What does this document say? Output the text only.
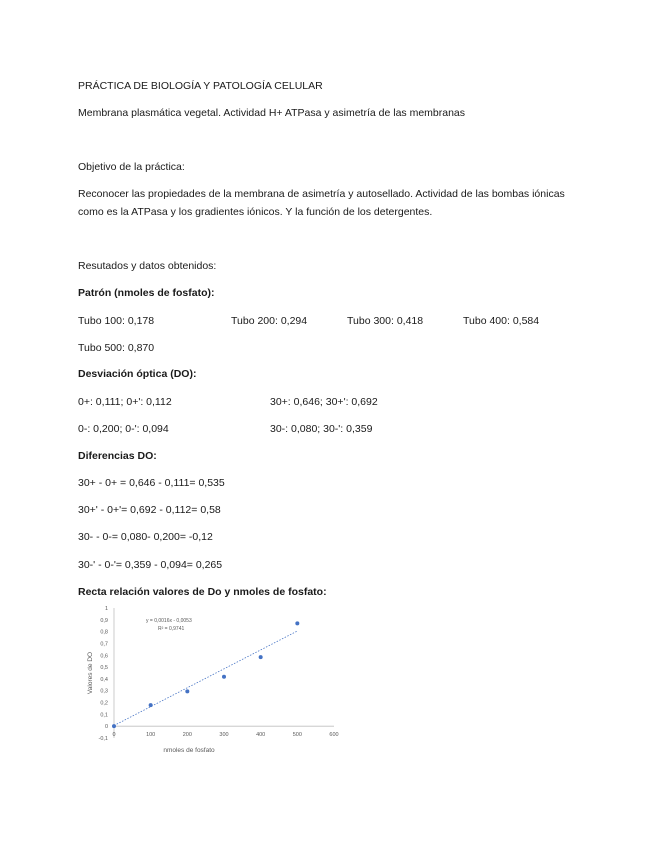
PRÁCTICA DE BIOLOGÍA Y PATOLOGÍA CELULAR
Membrana plasmática vegetal. Actividad H+ ATPasa y asimetría de las membranas
Objetivo de la práctica:
Reconocer las propiedades de la membrana de asimetría y autosellado. Actividad de las bombas iónicas
como es la ATPasa y los gradientes iónicos. Y la función de los detergentes.
Resutados y datos obtenidos:
Patrón (nmoles de fosfato):
Tubo 100: 0,178	Tubo 200: 0,294	Tubo 300: 0,418	Tubo 400: 0,584
Tubo 500: 0,870
Desviación óptica (DO):
0+: 0,111; 0+': 0,112	30+: 0,646; 30+': 0,692
0-: 0,200; 0-': 0,094	30-: 0,080; 30-': 0,359
Diferencias DO:
30+ - 0+ = 0,646 - 0,111= 0,535
30+' - 0+'= 0,692 - 0,112= 0,58
30- - 0-= 0,080- 0,200= -0,12
30-' - 0-'= 0,359 - 0,094= 0,265
Recta relación valores de Do y nmoles de fosfato:
-0,1
0
0,1
0,2
0,3
0,4
0,5
0,6
0,7
0,8
0,9
1
0	100	200	300	400	500	600
nmoles de fosfato
Valores de DO
y = 0,0016x - 0,0053
R² = 0,9741
